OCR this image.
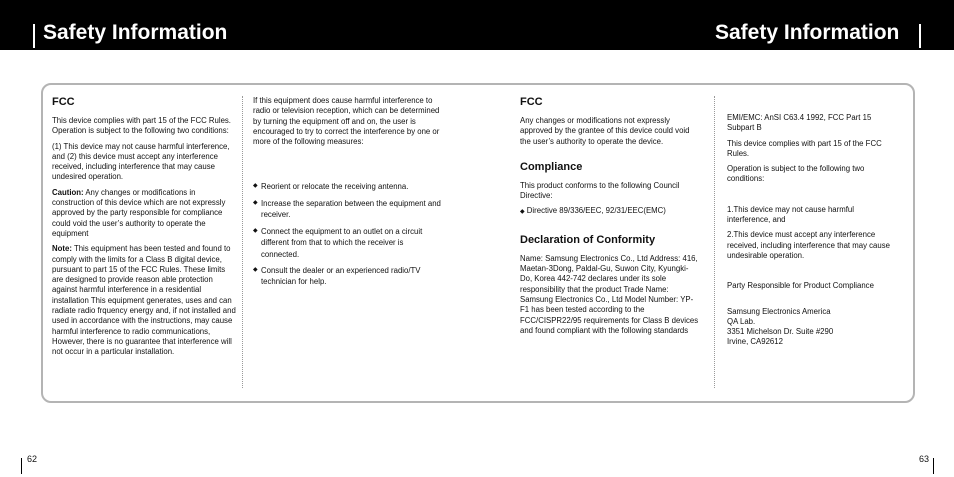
Safety Information	Safety Information
FCC

This device complies with part 15 of the FCC Rules. Operation is subject to the following two conditions:

(1) This device may not cause harmful interference, and (2) this device must accept any interference received, including interference that may cause undesired operation.

Caution: Any changes or modifications in construction of this device which are not expressly approved by the party responsible for compliance could void the user’s authority to operate the equipment

Note: This equipment has been tested and found to comply with the limits for a Class B digital device, pursuant to part 15 of the FCC Rules. These limits are designed to provide reason able protection against harmful interference in a residential installation This equipment generates, uses and can radiate radio frquency energy and, if not installed and used in accordance with the instructions, may cause harmful interference to radio communications, However, there is no guarantee that interference will not occur in a particular installation.

If this equipment does cause harmful interference to radio or television reception, which can be determined by turning the equipment off and on, the user is encouraged to try to correct the interference by one or more of the following measures:

◆ Reorient or relocate the receiving antenna.
◆ Increase the separation between the equipment and receiver.
◆ Connect the equipment to an outlet on a circuit different from that to which the receiver is connected.
◆ Consult the dealer or an experienced radio/TV technician for help.
FCC

Any changes or modifications not expressly approved by the grantee of this device could void the user’s authority to operate the device.

Compliance

This product conforms to the following Council Directive:

◆ Directive 89/336/EEC, 92/31/EEC(EMC)

Declaration of Conformity

Name: Samsung Electronics Co., Ltd Address: 416, Maetan-3Dong, Paldal-Gu, Suwon City, Kyungki-Do, Korea 442-742 declares under its sole responsibility that the product Trade Name: Samsung Electronics Co., Ltd Model Number: YP-F1 has been tested according to the FCC/CISPR22/95 requirements for Class B devices and found compliant with the following standards

EMI/EMC: AnSI C63.4 1992, FCC Part 15 Subpart B

This device complies with part 15 of the FCC Rules.

Operation is subject to the following two conditions:

1.This device may not cause harmful interference, and

2.This device must accept any interference received, including interference that may cause undesirable operation.

Party Responsible for Product Compliance

Samsung Electronics America
QA Lab.
3351 Michelson Dr. Suite #290
Irvine, CA92612
62	63
